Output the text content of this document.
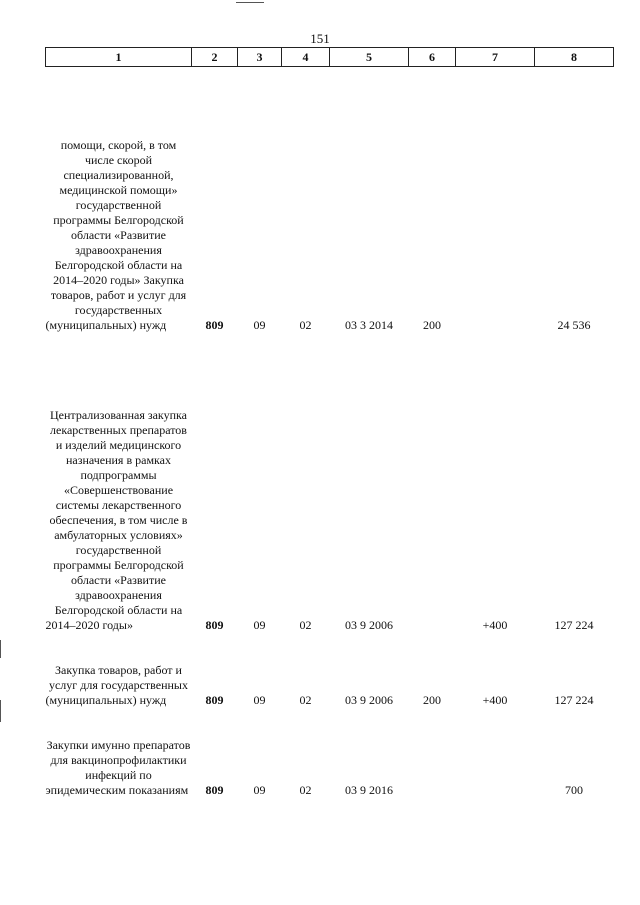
151
1	2	3	4	5	6	7	8
помощи, скорой, в том числе скорой специализированной, медицинской помощи» государственной программы Белгородской области «Развитие здравоохранения Белгородской области на 2014–2020 годы» Закупка товаров, работ и услуг для государственных (муниципальных) нужд	809	09	02	03 3 2014	200		24 536
Централизованная закупка лекарственных препаратов и изделий медицинского назначения в рамках подпрограммы «Совершенствование системы лекарственного обеспечения, в том числе в амбулаторных условиях» государственной программы Белгородской области «Развитие здравоохранения Белгородской области на 2014–2020 годы»	809	09	02	03 9 2006		+400	127 224
Закупка товаров, работ и услуг для государственных (муниципальных) нужд	809	09	02	03 9 2006	200	+400	127 224
Закупки имунно препаратов для вакцинопрофилактики инфекций по эпидемическим показаниям	809	09	02	03 9 2016			700
